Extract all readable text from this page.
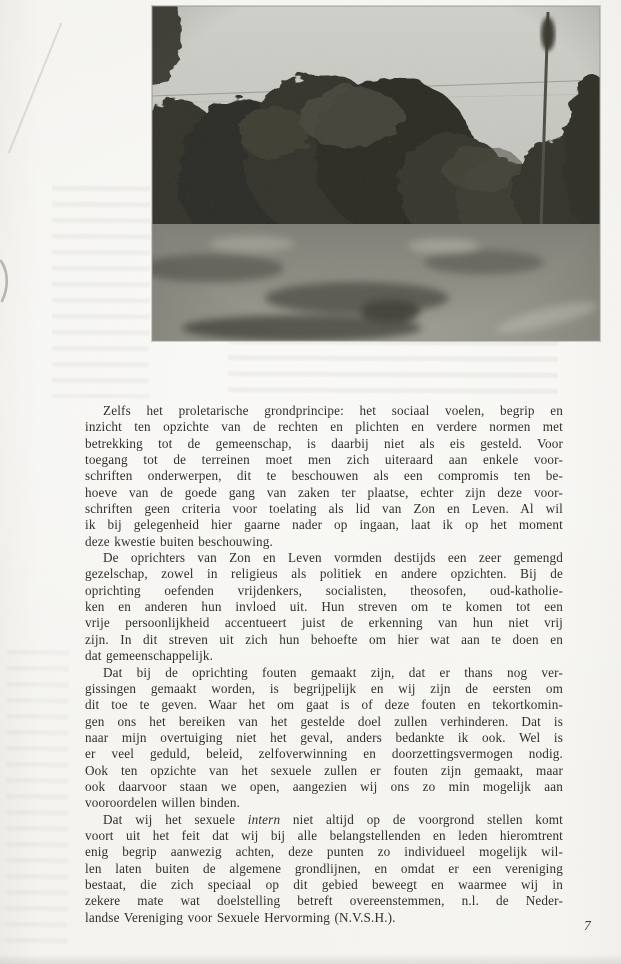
Zelfs het proletarische grondprincipe: het sociaal voelen, begrip en
inzicht ten opzichte van de rechten en plichten en verdere normen met
betrekking tot de gemeenschap, is daarbij niet als eis gesteld. Voor
toegang tot de terreinen moet men zich uiteraard aan enkele voor-
schriften onderwerpen, dit te beschouwen als een compromis ten be-
hoeve van de goede gang van zaken ter plaatse, echter zijn deze voor-
schriften geen criteria voor toelating als lid van Zon en Leven. Al wil
ik bij gelegenheid hier gaarne nader op ingaan, laat ik op het moment
deze kwestie buiten beschouwing.
De oprichters van Zon en Leven vormden destijds een zeer gemengd
gezelschap, zowel in religieus als politiek en andere opzichten. Bij de
oprichting oefenden vrijdenkers, socialisten, theosofen, oud-katholie-
ken en anderen hun invloed uit. Hun streven om te komen tot een
vrije persoonlijkheid accentueert juist de erkenning van hun niet vrij
zijn. In dit streven uit zich hun behoefte om hier wat aan te doen en
dat gemeenschappelijk.
Dat bij de oprichting fouten gemaakt zijn, dat er thans nog ver-
gissingen gemaakt worden, is begrijpelijk en wij zijn de eersten om
dit toe te geven. Waar het om gaat is of deze fouten en tekortkomin-
gen ons het bereiken van het gestelde doel zullen verhinderen. Dat is
naar mijn overtuiging niet het geval, anders bedankte ik ook. Wel is
er veel geduld, beleid, zelfoverwinning en doorzettingsvermogen nodig.
Ook ten opzichte van het sexuele zullen er fouten zijn gemaakt, maar
ook daarvoor staan we open, aangezien wij ons zo min mogelijk aan
vooroordelen willen binden.
Dat wij het sexuele intern niet altijd op de voorgrond stellen komt
voort uit het feit dat wij bij alle belangstellenden en leden hieromtrent
enig begrip aanwezig achten, deze punten zo individueel mogelijk wil-
len laten buiten de algemene grondlijnen, en omdat er een vereniging
bestaat, die zich speciaal op dit gebied beweegt en waarmee wij in
zekere mate wat doelstelling betreft overeenstemmen, n.l. de Neder-
landse Vereniging voor Sexuele Hervorming (N.V.S.H.).
7
